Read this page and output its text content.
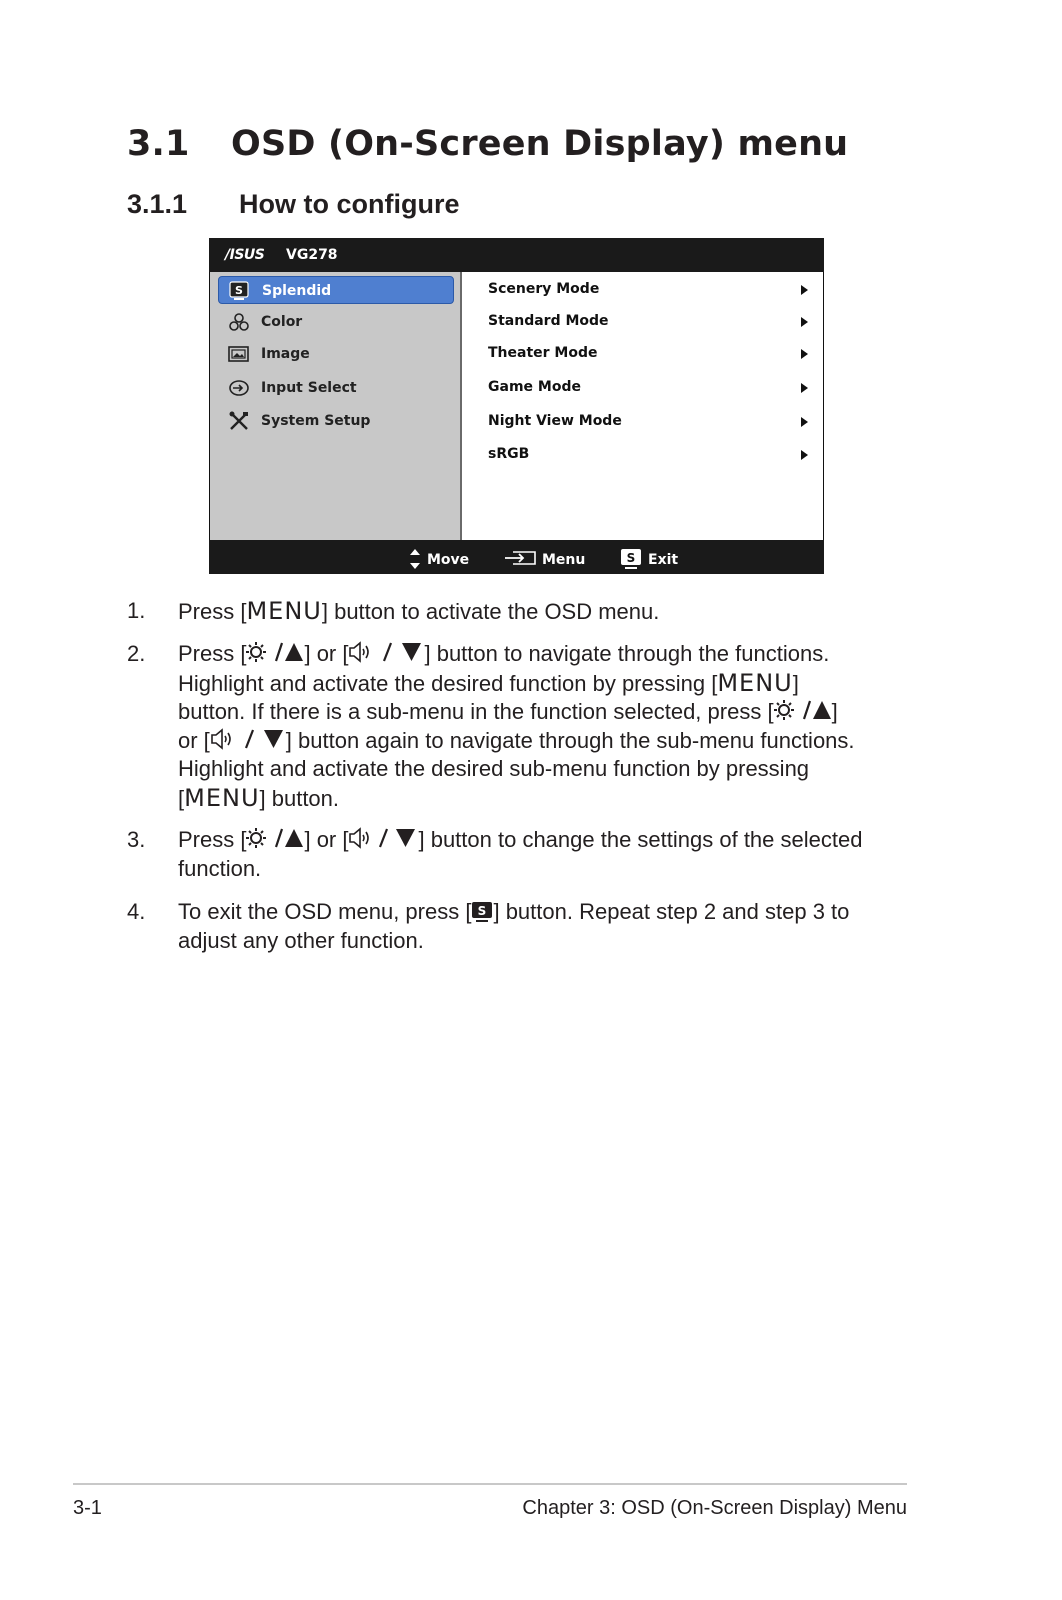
3.1 OSD (On-Screen Display) menu
3.1.1 How to configure
/ISUS VG278
S Splendid
Color
Image
Input Select
System Setup
Scenery Mode
Standard Mode
Theater Mode
Game Mode
Night View Mode
sRGB
Move	Menu	S Exit
1. Press [MENU] button to activate the OSD menu.
2. Press [	] or [	] button to navigate through the functions.
Highlight and activate the desired function by pressing [MENU]
button. If there is a sub-menu in the function selected, press [	]
or [	] button again to navigate through the sub-menu functions.
Highlight and activate the desired sub-menu function by pressing
[MENU] button.
3. Press [	] or [	] button to change the settings of the selected
function.
4. To exit the OSD menu, press [ S ] button. Repeat step 2 and step 3 to
adjust any other function.
3-1	Chapter 3: OSD (On-Screen Display) Menu
